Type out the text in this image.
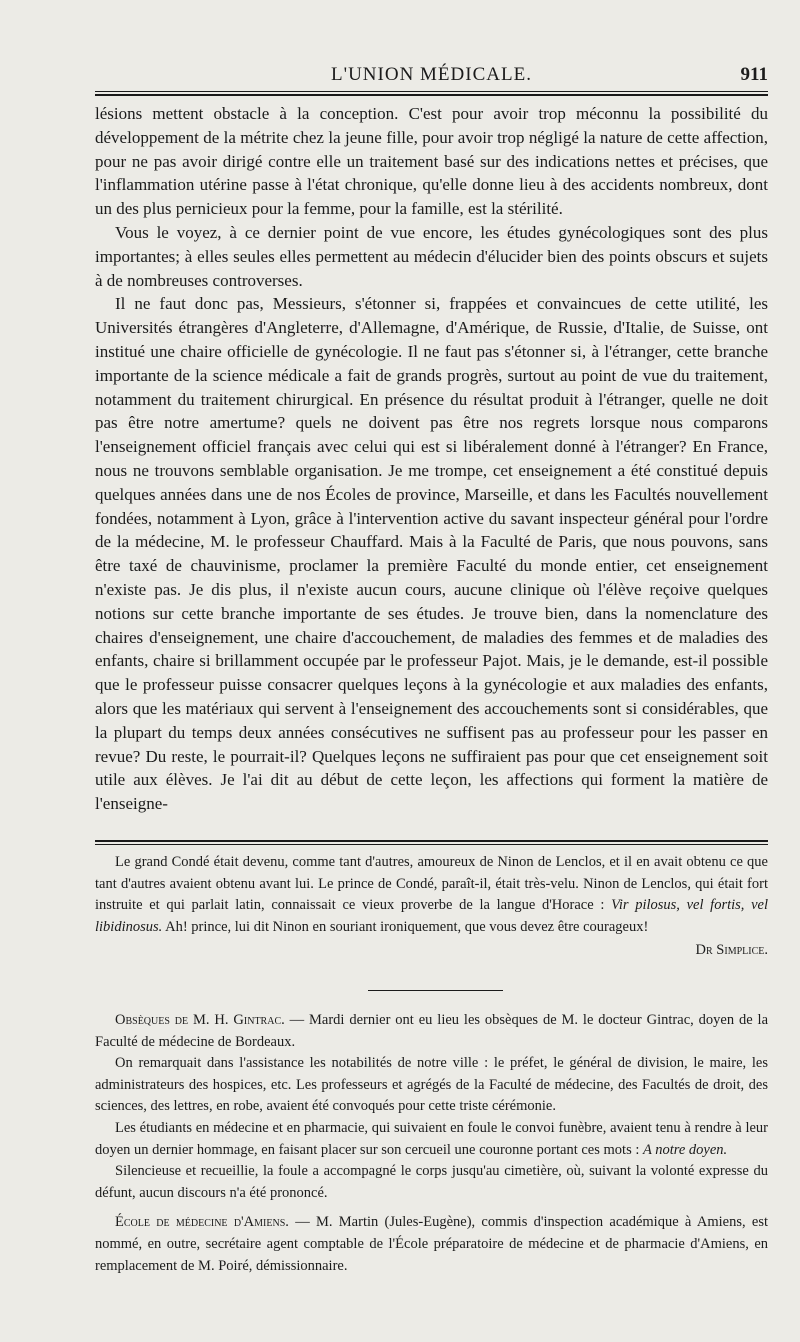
L'UNION MÉDICALE.	911

lésions mettent obstacle à la conception. C'est pour avoir trop méconnu la possibilité du développement de la métrite chez la jeune fille, pour avoir trop négligé la nature de cette affection, pour ne pas avoir dirigé contre elle un traitement basé sur des indications nettes et précises, que l'inflammation utérine passe à l'état chronique, qu'elle donne lieu à des accidents nombreux, dont un des plus pernicieux pour la femme, pour la famille, est la stérilité.

Vous le voyez, à ce dernier point de vue encore, les études gynécologiques sont des plus importantes; à elles seules elles permettent au médecin d'élucider bien des points obscurs et sujets à de nombreuses controverses.

Il ne faut donc pas, Messieurs, s'étonner si, frappées et convaincues de cette utilité, les Universités étrangères d'Angleterre, d'Allemagne, d'Amérique, de Russie, d'Italie, de Suisse, ont institué une chaire officielle de gynécologie. Il ne faut pas s'étonner si, à l'étranger, cette branche importante de la science médicale a fait de grands progrès, surtout au point de vue du traitement, notamment du traitement chirurgical. En présence du résultat produit à l'étranger, quelle ne doit pas être notre amertume? quels ne doivent pas être nos regrets lorsque nous comparons l'enseignement officiel français avec celui qui est si libéralement donné à l'étranger? En France, nous ne trouvons semblable organisation. Je me trompe, cet enseignement a été constitué depuis quelques années dans une de nos Écoles de province, Marseille, et dans les Facultés nouvellement fondées, notamment à Lyon, grâce à l'intervention active du savant inspecteur général pour l'ordre de la médecine, M. le professeur Chauffard. Mais à la Faculté de Paris, que nous pouvons, sans être taxé de chauvinisme, proclamer la première Faculté du monde entier, cet enseignement n'existe pas. Je dis plus, il n'existe aucun cours, aucune clinique où l'élève reçoive quelques notions sur cette branche importante de ses études. Je trouve bien, dans la nomenclature des chaires d'enseignement, une chaire d'accouchement, de maladies des femmes et de maladies des enfants, chaire si brillamment occupée par le professeur Pajot. Mais, je le demande, est-il possible que le professeur puisse consacrer quelques leçons à la gynécologie et aux maladies des enfants, alors que les matériaux qui servent à l'enseignement des accouchements sont si considérables, que la plupart du temps deux années consécutives ne suffisent pas au professeur pour les passer en revue? Du reste, le pourrait-il? Quelques leçons ne suffiraient pas pour que cet enseignement soit utile aux élèves. Je l'ai dit au début de cette leçon, les affections qui forment la matière de l'enseigne-

Le grand Condé était devenu, comme tant d'autres, amoureux de Ninon de Lenclos, et il en avait obtenu ce que tant d'autres avaient obtenu avant lui. Le prince de Condé, paraît-il, était très-velu. Ninon de Lenclos, qui était fort instruite et qui parlait latin, connaissait ce vieux proverbe de la langue d'Horace : Vir pilosus, vel fortis, vel libidinosus. Ah! prince, lui dit Ninon en souriant ironiquement, que vous devez être courageux!

Dr Simplice.

Obsèques de M. H. Gintrac. — Mardi dernier ont eu lieu les obsèques de M. le docteur Gintrac, doyen de la Faculté de médecine de Bordeaux.

On remarquait dans l'assistance les notabilités de notre ville : le préfet, le général de division, le maire, les administrateurs des hospices, etc. Les professeurs et agrégés de la Faculté de médecine, des Facultés de droit, des sciences, des lettres, en robe, avaient été convoqués pour cette triste cérémonie.

Les étudiants en médecine et en pharmacie, qui suivaient en foule le convoi funèbre, avaient tenu à rendre à leur doyen un dernier hommage, en faisant placer sur son cercueil une couronne portant ces mots : A notre doyen.

Silencieuse et recueillie, la foule a accompagné le corps jusqu'au cimetière, où, suivant la volonté expresse du défunt, aucun discours n'a été prononcé.

École de médecine d'Amiens. — M. Martin (Jules-Eugène), commis d'inspection académique à Amiens, est nommé, en outre, secrétaire agent comptable de l'École préparatoire de médecine et de pharmacie d'Amiens, en remplacement de M. Poiré, démissionnaire.
